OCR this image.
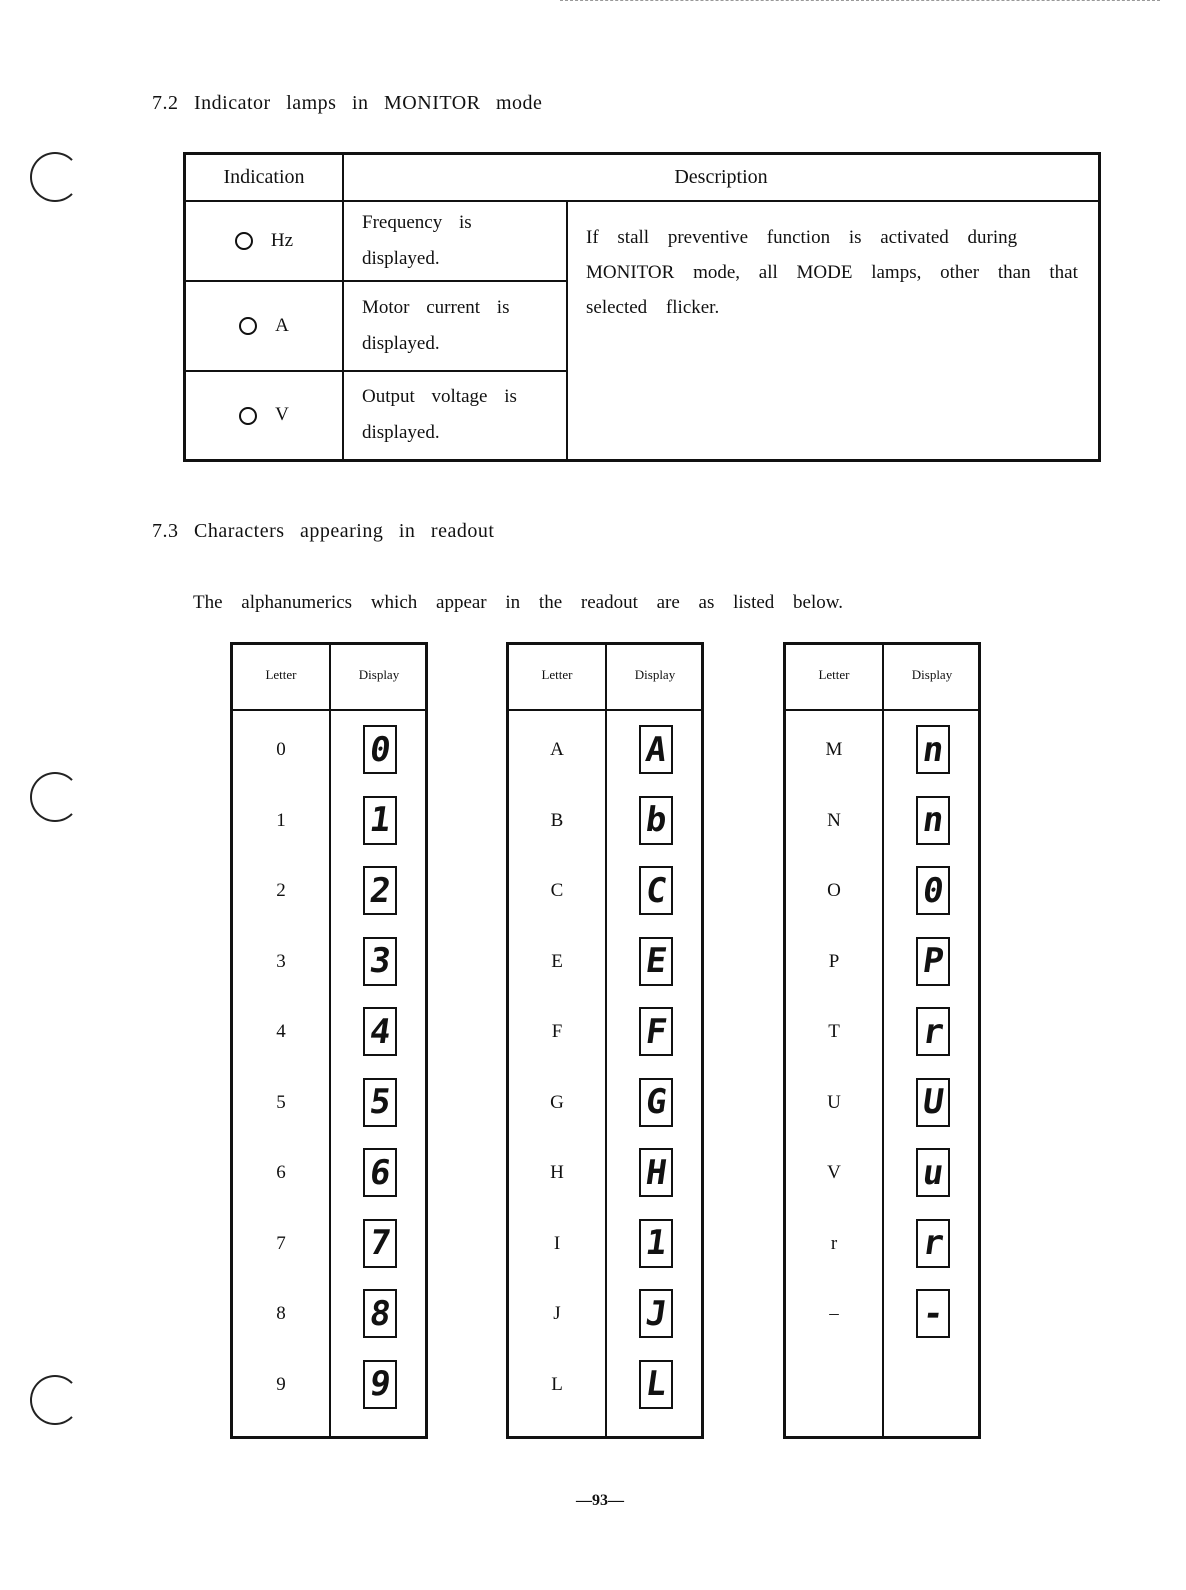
7.2 Indicator lamps in MONITOR mode
Indication	Description	
Hz	Frequency is displayed.	If stall preventive function is activated during MONITOR mode, all MODE lamps, other than that selected flicker.
A	Motor current is displayed.	
V	Output voltage is displayed.	
7.3 Characters appearing in readout
The alphanumerics which appear in the readout are as listed below.
Letter	Display
0	0
1	1
2	2
3	3
4	4
5	5
6	6
7	7
8	8
9	9
Letter	Display
A	A
B	b
C	C
E	E
F	F
G	G
H	H
I	1
J	J
L	L
Letter	Display
M	n
N	n
O	0
P	P
T	r
U	U
V	u
r	r
–	-
—93—
